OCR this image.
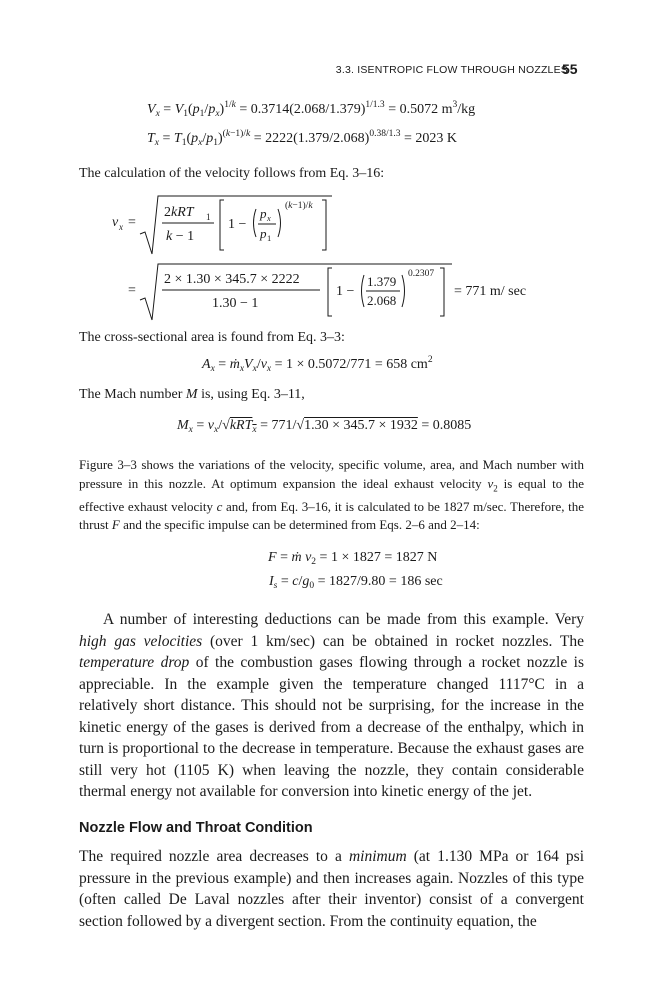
3.3. ISENTROPIC FLOW THROUGH NOZZLES
55
$V_x = V_1(p_1/p_x)^{1/k} = 0.3714(2.068/1.379)^{1/1.3} = 0.5072$ $m^3/kg$
$T_x = T_1(p_x/p_1)^{(k-1)/k} = 2222(1.379/2.068)^{0.38/1.3} = 2023$ K

The calculation of the velocity follows from Eq. 3–16:

v x =
2kRT 1
k − 1
1 −
p x
p 1
(k−1)/k
=
2 × 1.30 × 345.7 × 2222
1.30 − 1
1 −
1.379
2.068
0.2307
= 771 m/ sec

The cross-sectional area is found from Eq. 3–3:

$A_x$ = $ṁ_xV_x/v_x = 1 \times 0.5072/771 = 658$ $cm^2$

The Mach number M is, using Eq. 3–11,

$M_x = v_x/√kRT_x = 771/√1.30 \times 345.7 \times 1932 = 0.8085$

Figure 3–3 shows the variations of the velocity, specific volume, area, and Mach number with pressure in this nozzle. At optimum expansion the ideal exhaust velocity $v_2$ is equal to the effective exhaust velocity c and, from Eq. 3–16, it is calculated to be 1827 m/sec. Therefore, the thrust F and the specific impulse can be determined from Eqs. 2–6 and 2–14:

F = ṁ $v_2 = 1 \times 1827 = 1827$ N
$I_s = c/g_0 = 1827/9.80 = 186$ sec

A number of interesting deductions can be made from this example. Very high gas velocities (over 1 km/sec) can be obtained in rocket nozzles. The temperature drop of the combustion gases flowing through a rocket nozzle is appreciable. In the example given the temperature changed 1117°C in a relatively short distance. This should not be surprising, for the increase in the kinetic energy of the gases is derived from a decrease of the enthalpy, which in turn is proportional to the decrease in temperature. Because the exhaust gases are still very hot (1105 K) when leaving the nozzle, they contain considerable thermal energy not available for conversion into kinetic energy of the jet.

Nozzle Flow and Throat Condition

The required nozzle area decreases to a minimum (at 1.130 MPa or 164 psi pressure in the previous example) and then increases again. Nozzles of this type (often called De Laval nozzles after their inventor) consist of a convergent section followed by a divergent section. From the continuity equation, the
